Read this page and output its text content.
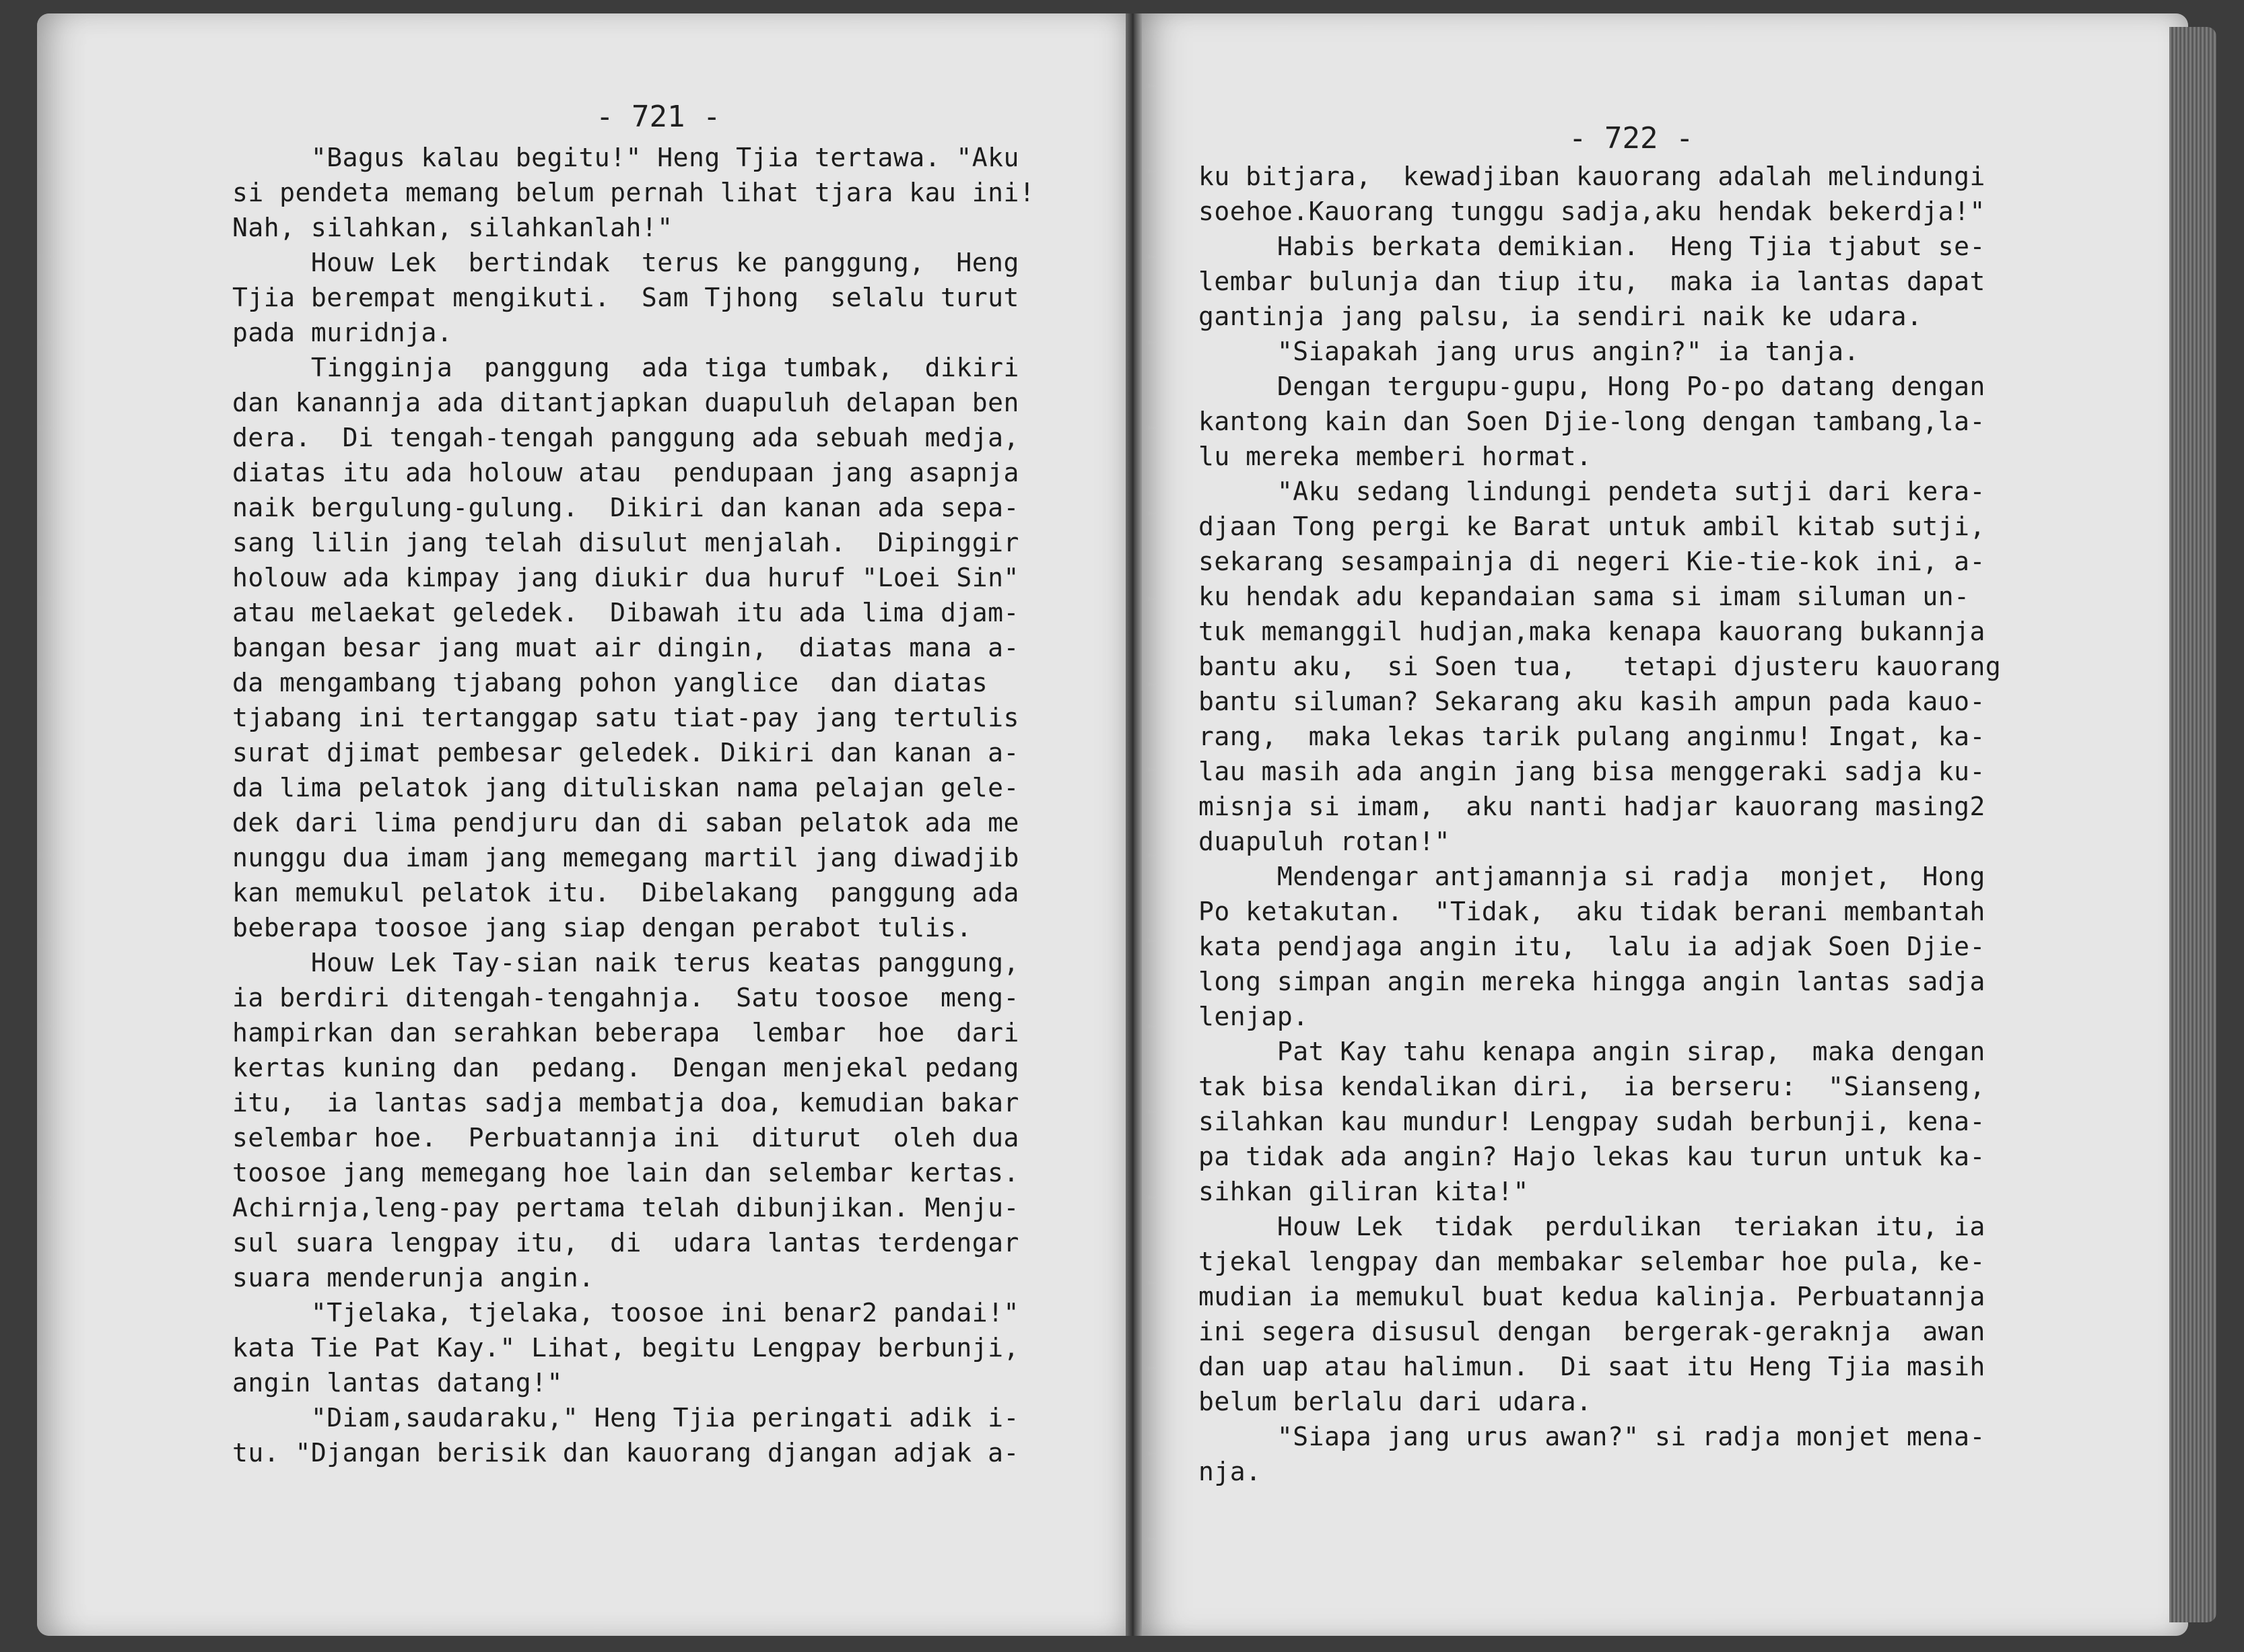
- 721 -
"Bagus kalau begitu!" Heng Tjia tertawa. "Aku
si pendeta memang belum pernah lihat tjara kau ini!
Nah, silahkan, silahkanlah!"
Houw Lek  bertindak  terus ke panggung,  Heng
Tjia berempat mengikuti.  Sam Tjhong  selalu turut
pada muridnja.
Tingginja  panggung  ada tiga tumbak,  dikiri
dan kanannja ada ditantjapkan duapuluh delapan ben
dera.  Di tengah-tengah panggung ada sebuah medja,
diatas itu ada holouw atau  pendupaan jang asapnja
naik bergulung-gulung.  Dikiri dan kanan ada sepa-
sang lilin jang telah disulut menjalah.  Dipinggir
holouw ada kimpay jang diukir dua huruf "Loei Sin"
atau melaekat geledek.  Dibawah itu ada lima djam-
bangan besar jang muat air dingin,  diatas mana a-
da mengambang tjabang pohon yanglice  dan diatas
tjabang ini tertanggap satu tiat-pay jang tertulis
surat djimat pembesar geledek. Dikiri dan kanan a-
da lima pelatok jang dituliskan nama pelajan gele-
dek dari lima pendjuru dan di saban pelatok ada me
nunggu dua imam jang memegang martil jang diwadjib
kan memukul pelatok itu.  Dibelakang  panggung ada
beberapa toosoe jang siap dengan perabot tulis.
Houw Lek Tay-sian naik terus keatas panggung,
ia berdiri ditengah-tengahnja.  Satu toosoe  meng-
hampirkan dan serahkan beberapa  lembar  hoe  dari
kertas kuning dan  pedang.  Dengan menjekal pedang
itu,  ia lantas sadja membatja doa, kemudian bakar
selembar hoe.  Perbuatannja ini  diturut  oleh dua
toosoe jang memegang hoe lain dan selembar kertas.
Achirnja,leng-pay pertama telah dibunjikan. Menju-
sul suara lengpay itu,  di  udara lantas terdengar
suara menderunja angin.
"Tjelaka, tjelaka, toosoe ini benar2 pandai!"
kata Tie Pat Kay." Lihat, begitu Lengpay berbunji,
angin lantas datang!"
"Diam,saudaraku," Heng Tjia peringati adik i-
tu. "Djangan berisik dan kauorang djangan adjak a-
- 722 -
ku bitjara,  kewadjiban kauorang adalah melindungi
soehoe.Kauorang tunggu sadja,aku hendak bekerdja!"
Habis berkata demikian.  Heng Tjia tjabut se-
lembar bulunja dan tiup itu,  maka ia lantas dapat
gantinja jang palsu, ia sendiri naik ke udara.
"Siapakah jang urus angin?" ia tanja.
Dengan tergupu-gupu, Hong Po-po datang dengan
kantong kain dan Soen Djie-long dengan tambang,la-
lu mereka memberi hormat.
"Aku sedang lindungi pendeta sutji dari kera-
djaan Tong pergi ke Barat untuk ambil kitab sutji,
sekarang sesampainja di negeri Kie-tie-kok ini, a-
ku hendak adu kepandaian sama si imam siluman un-
tuk memanggil hudjan,maka kenapa kauorang bukannja
bantu aku,  si Soen tua,   tetapi djusteru kauorang
bantu siluman? Sekarang aku kasih ampun pada kauo-
rang,  maka lekas tarik pulang anginmu! Ingat, ka-
lau masih ada angin jang bisa menggeraki sadja ku-
misnja si imam,  aku nanti hadjar kauorang masing2
duapuluh rotan!"
Mendengar antjamannja si radja  monjet,  Hong
Po ketakutan.  "Tidak,  aku tidak berani membantah
kata pendjaga angin itu,  lalu ia adjak Soen Djie-
long simpan angin mereka hingga angin lantas sadja
lenjap.
Pat Kay tahu kenapa angin sirap,  maka dengan
tak bisa kendalikan diri,  ia berseru:  "Sianseng,
silahkan kau mundur! Lengpay sudah berbunji, kena-
pa tidak ada angin? Hajo lekas kau turun untuk ka-
sihkan giliran kita!"
Houw Lek  tidak  perdulikan  teriakan itu, ia
tjekal lengpay dan membakar selembar hoe pula, ke-
mudian ia memukul buat kedua kalinja. Perbuatannja
ini segera disusul dengan  bergerak-geraknja  awan
dan uap atau halimun.  Di saat itu Heng Tjia masih
belum berlalu dari udara.
"Siapa jang urus awan?" si radja monjet mena-
nja.
